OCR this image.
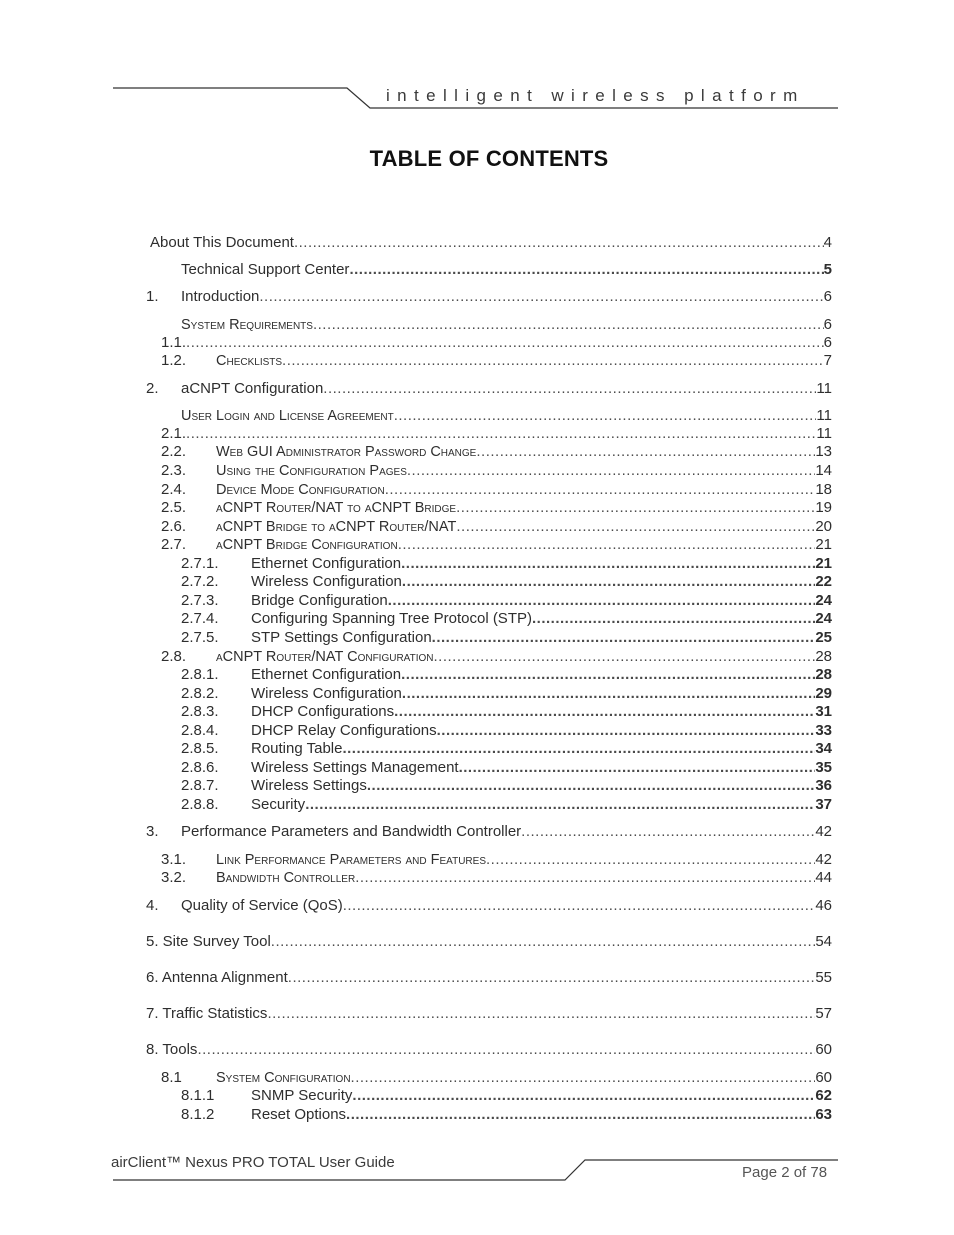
intelligent wireless platform
TABLE OF CONTENTS
About This Document .....	4
Technical Support Center .....	5
1.	Introduction .....	6
System Requirements .....	6
1.1. .....	6
1.2.	Checklists .....	7
2.	aCNPT Configuration .....	11
User Login and License Agreement .....	11
2.1. .....	11
2.2.	Web GUI Administrator Password Change .....	13
2.3.	Using the Configuration Pages .....	14
2.4.	Device Mode Configuration .....	18
2.5.	aCNPT Router/NAT to aCNPT Bridge .....	19
2.6.	aCNPT Bridge to aCNPT Router/NAT .....	20
2.7.	aCNPT Bridge Configuration .....	21
2.7.1.	Ethernet Configuration .....	21
2.7.2.	Wireless Configuration .....	22
2.7.3.	Bridge Configuration .....	24
2.7.4.	Configuring Spanning Tree Protocol (STP) .....	24
2.7.5.	STP Settings Configuration .....	25
2.8.	aCNPT Router/NAT Configuration .....	28
2.8.1.	Ethernet Configuration .....	28
2.8.2.	Wireless Configuration .....	29
2.8.3.	DHCP Configurations .....	31
2.8.4.	DHCP Relay Configurations .....	33
2.8.5.	Routing Table .....	34
2.8.6.	Wireless Settings Management .....	35
2.8.7.	Wireless Settings .....	36
2.8.8.	Security .....	37
3.	Performance Parameters and Bandwidth Controller .....	42
3.1.	Link Performance Parameters and Features .....	42
3.2.	Bandwidth Controller .....	44
4.	Quality of Service (QoS) .....	46
5. Site Survey Tool .....	54
6. Antenna Alignment .....	55
7. Traffic Statistics .....	57
8. Tools .....	60
8.1	System Configuration .....	60
8.1.1	SNMP Security .....	62
8.1.2	Reset Options .....	63
airClient™ Nexus PRO TOTAL User Guide
Page 2 of 78
